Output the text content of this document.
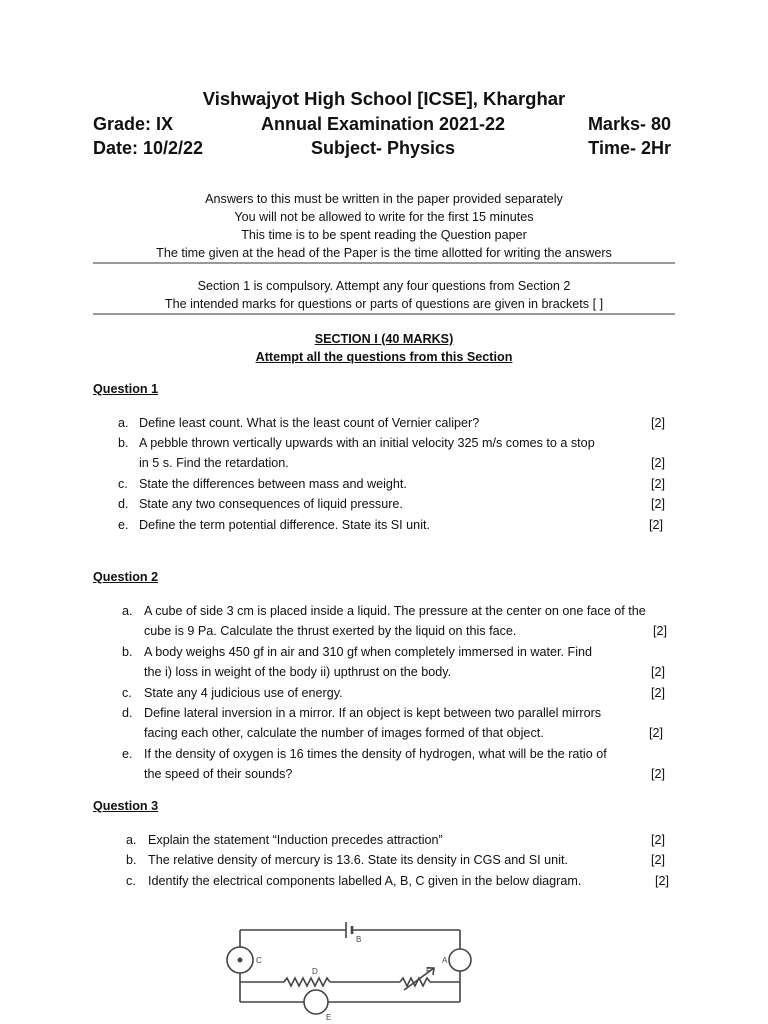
Vishwajyot High School [ICSE], Kharghar
Grade: IX	Annual Examination 2021-22	Marks- 80
Date: 10/2/22	Subject- Physics	Time- 2Hr
Answers to this must be written in the paper provided separately
You will not be allowed to write for the first 15 minutes
This time is to be spent reading the Question paper
The time given at the head of the Paper is the time allotted for writing the answers
Section 1 is compulsory. Attempt any four questions from Section 2
The intended marks for questions or parts of questions are given in brackets [ ]
SECTION I (40 MARKS)
Attempt all the questions from this Section
Question 1
a. Define least count. What is the least count of Vernier caliper?	[2]
b. A pebble thrown vertically upwards with an initial velocity 325 m/s comes to a stop
in 5 s. Find the retardation.	[2]
c. State the differences between mass and weight.	[2]
d. State any two consequences of liquid pressure.	[2]
e. Define the term potential difference. State its SI unit.	[2]
Question 2
a. A cube of side 3 cm is placed inside a liquid. The pressure at the center on one face of the
cube is 9 Pa. Calculate the thrust exerted by the liquid on this face.	[2]
b. A body weighs 450 gf in air and 310 gf when completely immersed in water. Find
the i) loss in weight of the body ii) upthrust on the body.	[2]
c. State any 4 judicious use of energy.	[2]
d. Define lateral inversion in a mirror. If an object is kept between two parallel mirrors
facing each other, calculate the number of images formed of that object.	[2]
e. If the density of oxygen is 16 times the density of hydrogen, what will be the ratio of
the speed of their sounds?	[2]
Question 3
a. Explain the statement “Induction precedes attraction”	[2]
b. The relative density of mercury is 13.6. State its density in CGS and SI unit.	[2]
c. Identify the electrical components labelled A, B, C given in the below diagram.	[2]
B
C	A
D	F
E
